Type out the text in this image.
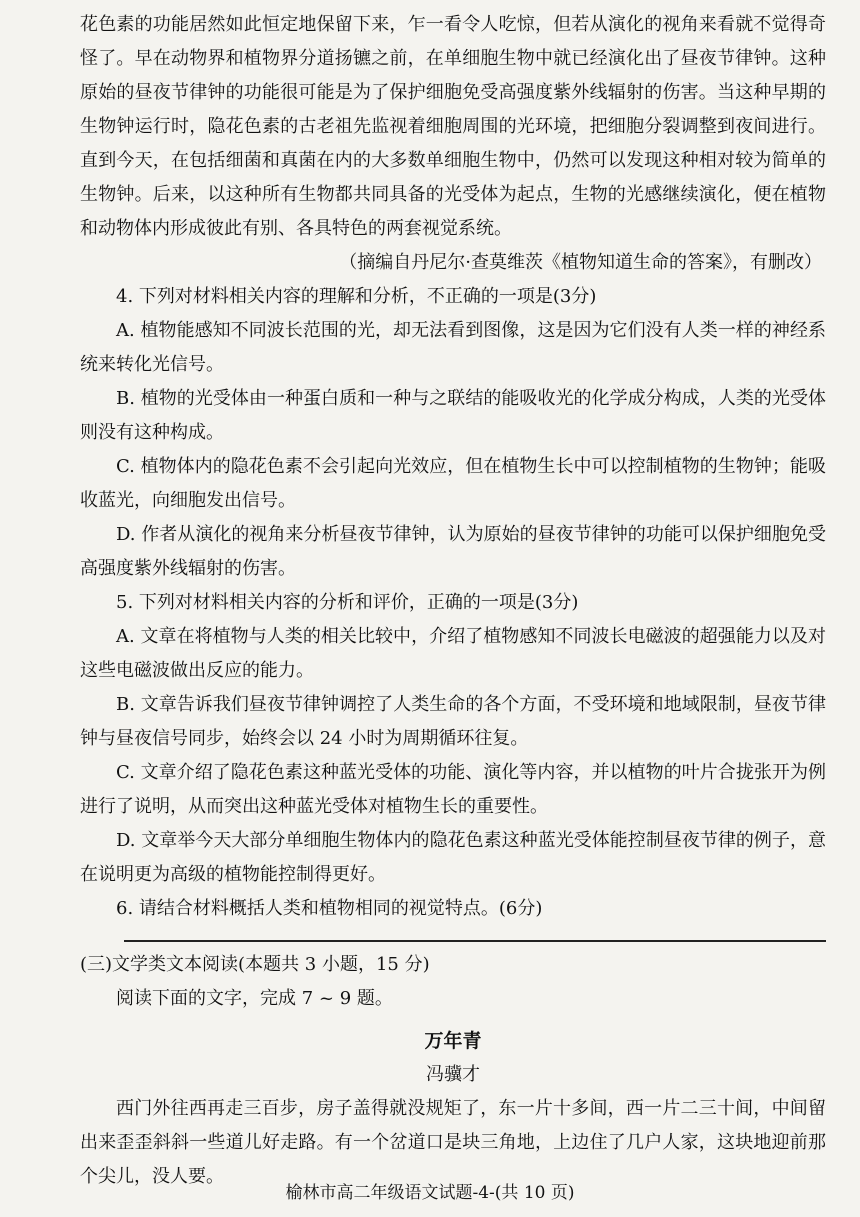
花色素的功能居然如此恒定地保留下来，乍一看令人吃惊，但若从演化的视角来看就不觉得奇怪了。早在动物界和植物界分道扬镳之前，在单细胞生物中就已经演化出了昼夜节律钟。这种原始的昼夜节律钟的功能很可能是为了保护细胞免受高强度紫外线辐射的伤害。当这种早期的生物钟运行时，隐花色素的古老祖先监视着细胞周围的光环境，把细胞分裂调整到夜间进行。直到今天，在包括细菌和真菌在内的大多数单细胞生物中，仍然可以发现这种相对较为简单的生物钟。后来，以这种所有生物都共同具备的光受体为起点，生物的光感继续演化，便在植物和动物体内形成彼此有别、各具特色的两套视觉系统。

（摘编自丹尼尔·查莫维茨《植物知道生命的答案》，有删改）

4. 下列对材料相关内容的理解和分析，不正确的一项是(3分)

A. 植物能感知不同波长范围的光，却无法看到图像，这是因为它们没有人类一样的神经系统来转化光信号。

B. 植物的光受体由一种蛋白质和一种与之联结的能吸收光的化学成分构成，人类的光受体则没有这种构成。

C. 植物体内的隐花色素不会引起向光效应，但在植物生长中可以控制植物的生物钟；能吸收蓝光，向细胞发出信号。

D. 作者从演化的视角来分析昼夜节律钟，认为原始的昼夜节律钟的功能可以保护细胞免受高强度紫外线辐射的伤害。

5. 下列对材料相关内容的分析和评价，正确的一项是(3分)

A. 文章在将植物与人类的相关比较中，介绍了植物感知不同波长电磁波的超强能力以及对这些电磁波做出反应的能力。

B. 文章告诉我们昼夜节律钟调控了人类生命的各个方面，不受环境和地域限制，昼夜节律钟与昼夜信号同步，始终会以 24 小时为周期循环往复。

C. 文章介绍了隐花色素这种蓝光受体的功能、演化等内容，并以植物的叶片合拢张开为例进行了说明，从而突出这种蓝光受体对植物生长的重要性。

D. 文章举今天大部分单细胞生物体内的隐花色素这种蓝光受体能控制昼夜节律的例子，意在说明更为高级的植物能控制得更好。

6. 请结合材料概括人类和植物相同的视觉特点。(6分)

(三)文学类文本阅读(本题共 3 小题，15 分)

阅读下面的文字，完成 7 ~ 9 题。

万年青

冯骥才

西门外往西再走三百步，房子盖得就没规矩了，东一片十多间，西一片二三十间，中间留出来歪歪斜斜一些道儿好走路。有一个岔道口是块三角地，上边住了几户人家，这块地迎前那个尖儿，没人要。

榆林市高二年级语文试题-4-(共 10 页)
